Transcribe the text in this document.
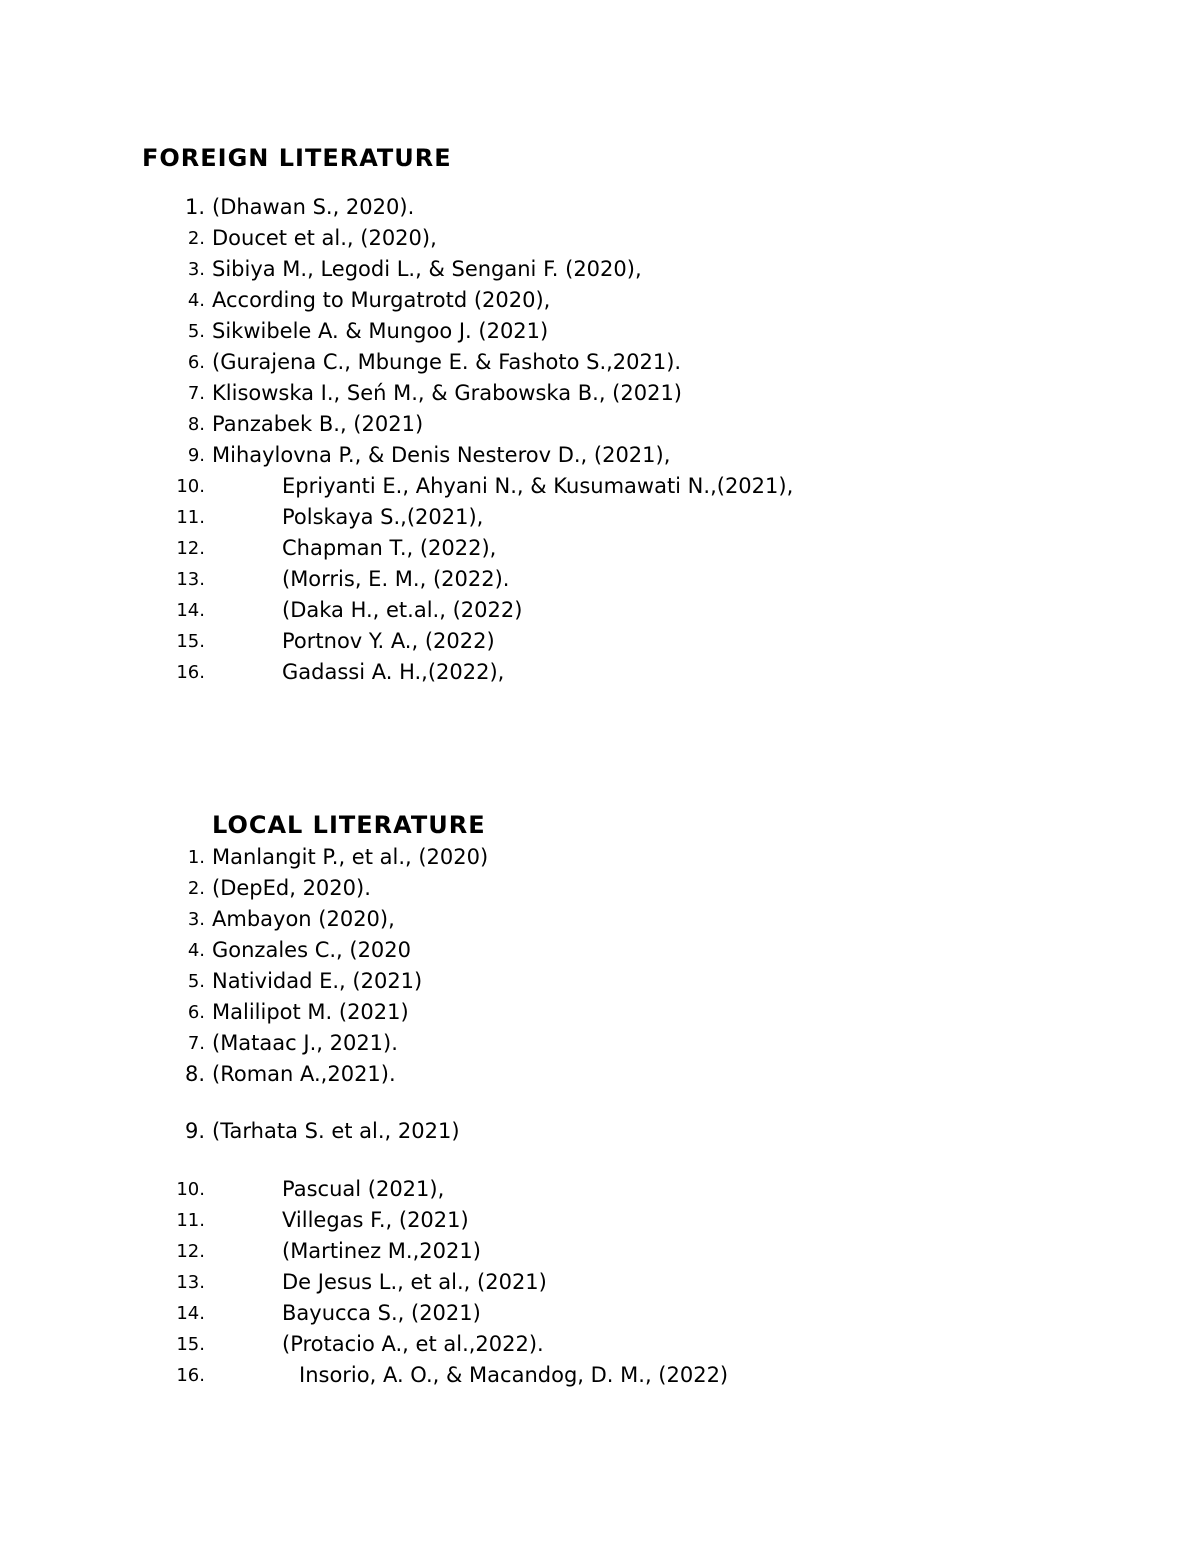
FOREIGN LITERATURE
1. (Dhawan S., 2020).
2. Doucet et al., (2020),
3. Sibiya M., Legodi L., & Sengani F. (2020),
4. According to Murgatrotd (2020),
5. Sikwibele A. & Mungoo J. (2021)
6. (Gurajena C., Mbunge E. & Fashoto S.,2021).
7. Klisowska I., Seń M., & Grabowska B., (2021)
8. Panzabek B., (2021)
9. Mihaylovna P., & Denis Nesterov D., (2021),
10.	Epriyanti E., Ahyani N., & Kusumawati N.,(2021),
11.	Polskaya S.,(2021),
12.	Chapman T., (2022),
13.	(Morris, E. M., (2022).
14.	(Daka H., et.al., (2022)
15.	Portnov Y. A., (2022)
16.	Gadassi A. H.,(2022),
LOCAL LITERATURE
1. Manlangit P., et al., (2020)
2. (DepEd, 2020).
3. Ambayon (2020),
4. Gonzales C., (2020
5. Natividad E., (2021)
6. Malilipot M. (2021)
7. (Mataac J., 2021).
8. (Roman A.,2021).
9. (Tarhata S. et al., 2021)
10.	Pascual (2021),
11.	Villegas F., (2021)
12.	(Martinez M.,2021)
13.	De Jesus L., et al., (2021)
14.	Bayucca S., (2021)
15.	(Protacio A., et al.,2022).
16.	Insorio, A. O., & Macandog, D. M., (2022)
